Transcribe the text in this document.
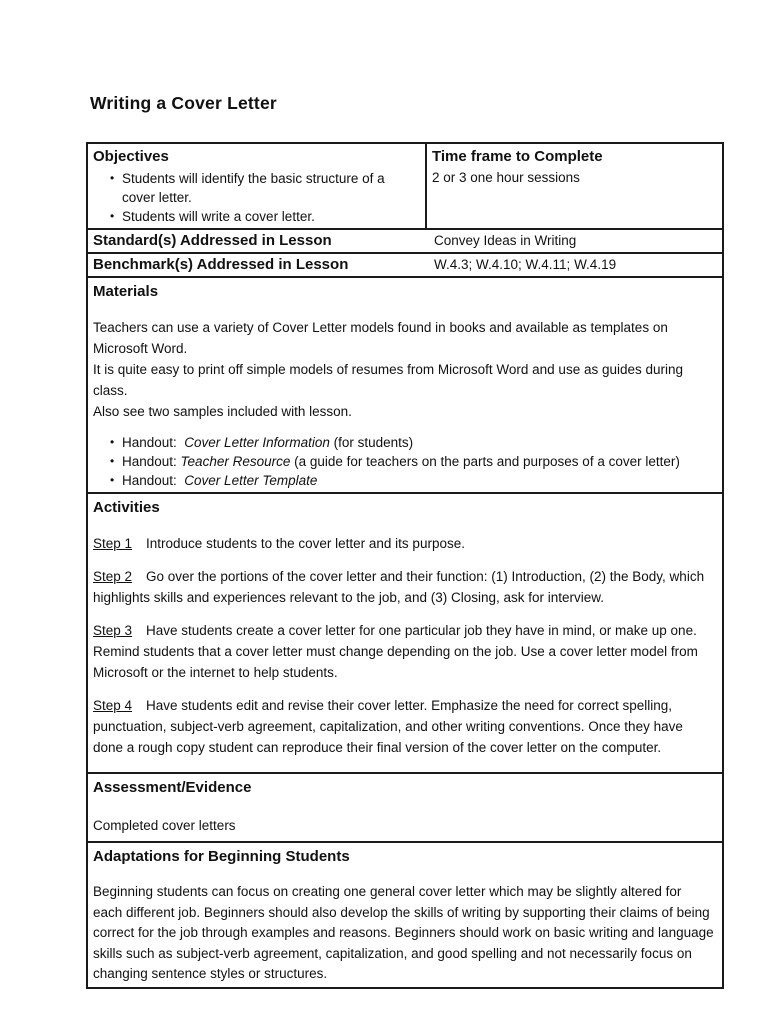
Writing a Cover Letter
Objectives
• Students will identify the basic structure of a cover letter.
• Students will write a cover letter.
Time frame to Complete
2 or 3 one hour sessions
Standard(s) Addressed in Lesson	Convey Ideas in Writing
Benchmark(s) Addressed in Lesson	W.4.3; W.4.10; W.4.11; W.4.19
Materials
Teachers can use a variety of Cover Letter models found in books and available as templates on Microsoft Word.
It is quite easy to print off simple models of resumes from Microsoft Word and use as guides during class.
Also see two samples included with lesson.
• Handout:  Cover Letter Information (for students)
• Handout: Teacher Resource (a guide for teachers on the parts and purposes of a cover letter)
• Handout:  Cover Letter Template
Activities

Step 1 Introduce students to the cover letter and its purpose.

Step 2 Go over the portions of the cover letter and their function: (1) Introduction, (2) the Body, which highlights skills and experiences relevant to the job, and (3) Closing, ask for interview.

Step 3 Have students create a cover letter for one particular job they have in mind, or make up one. Remind students that a cover letter must change depending on the job. Use a cover letter model from Microsoft or the internet to help students.

Step 4 Have students edit and revise their cover letter. Emphasize the need for correct spelling, punctuation, subject-verb agreement, capitalization, and other writing conventions. Once they have done a rough copy student can reproduce their final version of the cover letter on the computer.

Assessment/Evidence
Completed cover letters
Adaptations for Beginning Students
Beginning students can focus on creating one general cover letter which may be slightly altered for each different job. Beginners should also develop the skills of writing by supporting their claims of being correct for the job through examples and reasons. Beginners should work on basic writing and language skills such as subject-verb agreement, capitalization, and good spelling and not necessarily focus on changing sentence styles or structures.
